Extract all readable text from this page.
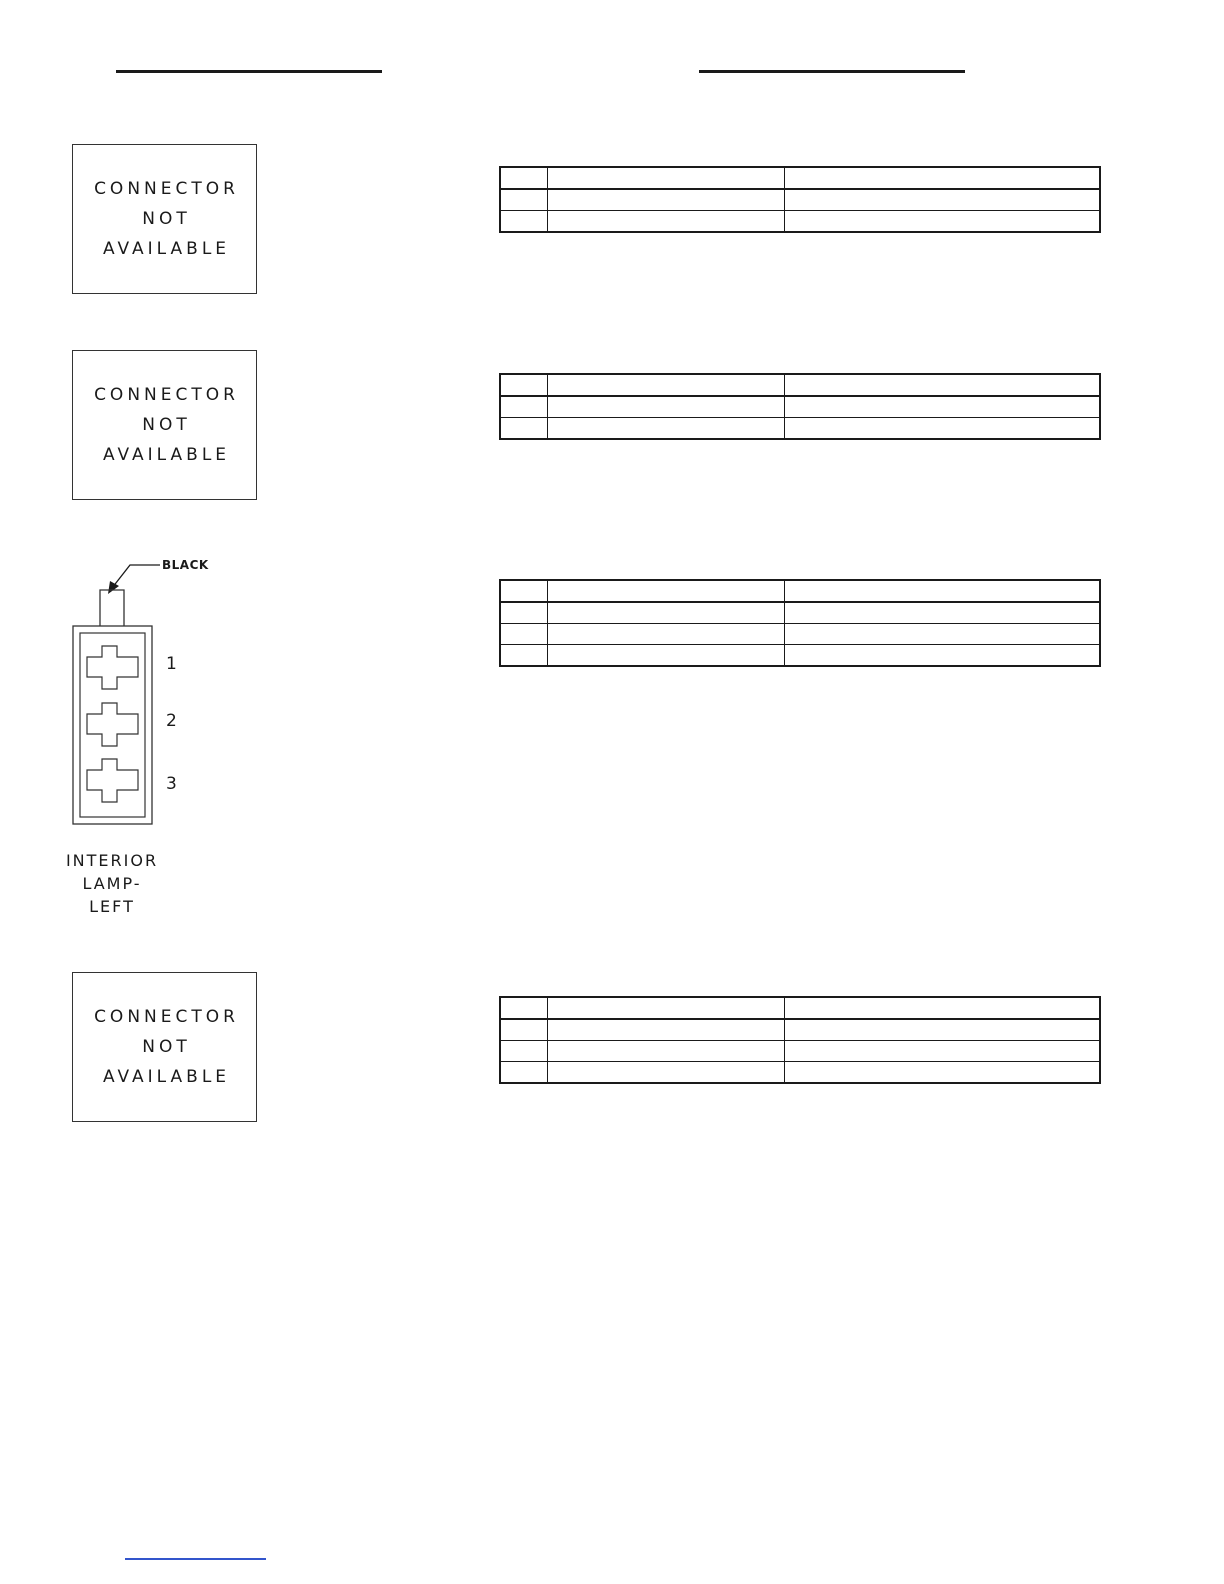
CONNECTOR
NOT
AVAILABLE

CONNECTOR
NOT
AVAILABLE

BLACK
1
2
3
INTERIOR
LAMP-
LEFT

CONNECTOR
NOT
AVAILABLE
